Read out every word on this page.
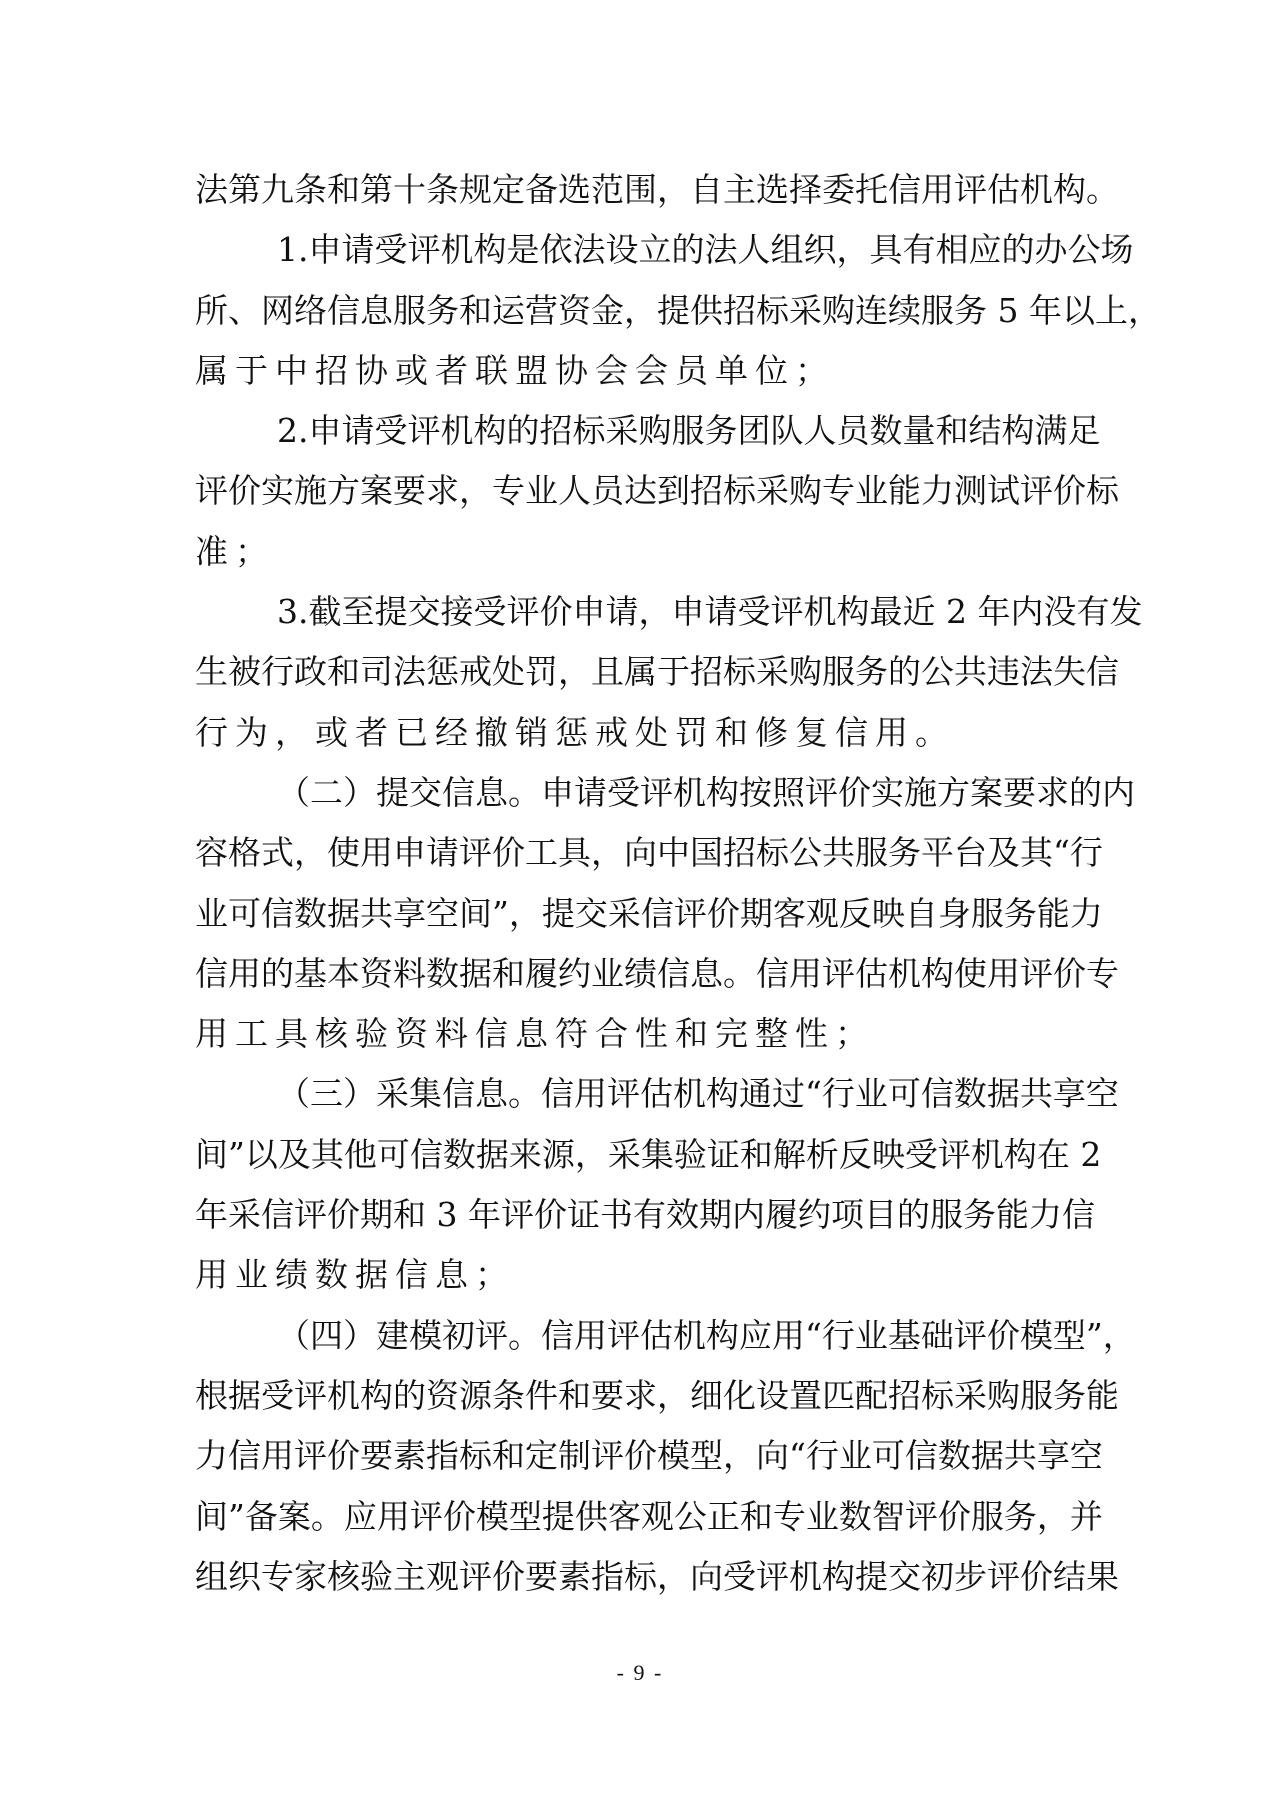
法第九条和第十条规定备选范围，自主选择委托信用评估机构。
1.申请受评机构是依法设立的法人组织，具有相应的办公场
所、网络信息服务和运营资金，提供招标采购连续服务 5 年以上，
属于中招协或者联盟协会会员单位；
2.申请受评机构的招标采购服务团队人员数量和结构满足
评价实施方案要求，专业人员达到招标采购专业能力测试评价标
准；
3.截至提交接受评价申请，申请受评机构最近 2 年内没有发
生被行政和司法惩戒处罚，且属于招标采购服务的公共违法失信
行为，或者已经撤销惩戒处罚和修复信用。
（二）提交信息。申请受评机构按照评价实施方案要求的内
容格式，使用申请评价工具，向中国招标公共服务平台及其“行
业可信数据共享空间”，提交采信评价期客观反映自身服务能力
信用的基本资料数据和履约业绩信息。信用评估机构使用评价专
用工具核验资料信息符合性和完整性；
（三）采集信息。信用评估机构通过“行业可信数据共享空
间”以及其他可信数据来源，采集验证和解析反映受评机构在 2
年采信评价期和 3 年评价证书有效期内履约项目的服务能力信
用业绩数据信息；
（四）建模初评。信用评估机构应用“行业基础评价模型”，
根据受评机构的资源条件和要求，细化设置匹配招标采购服务能
力信用评价要素指标和定制评价模型，向“行业可信数据共享空
间”备案。应用评价模型提供客观公正和专业数智评价服务，并
组织专家核验主观评价要素指标，向受评机构提交初步评价结果
- 9 -
